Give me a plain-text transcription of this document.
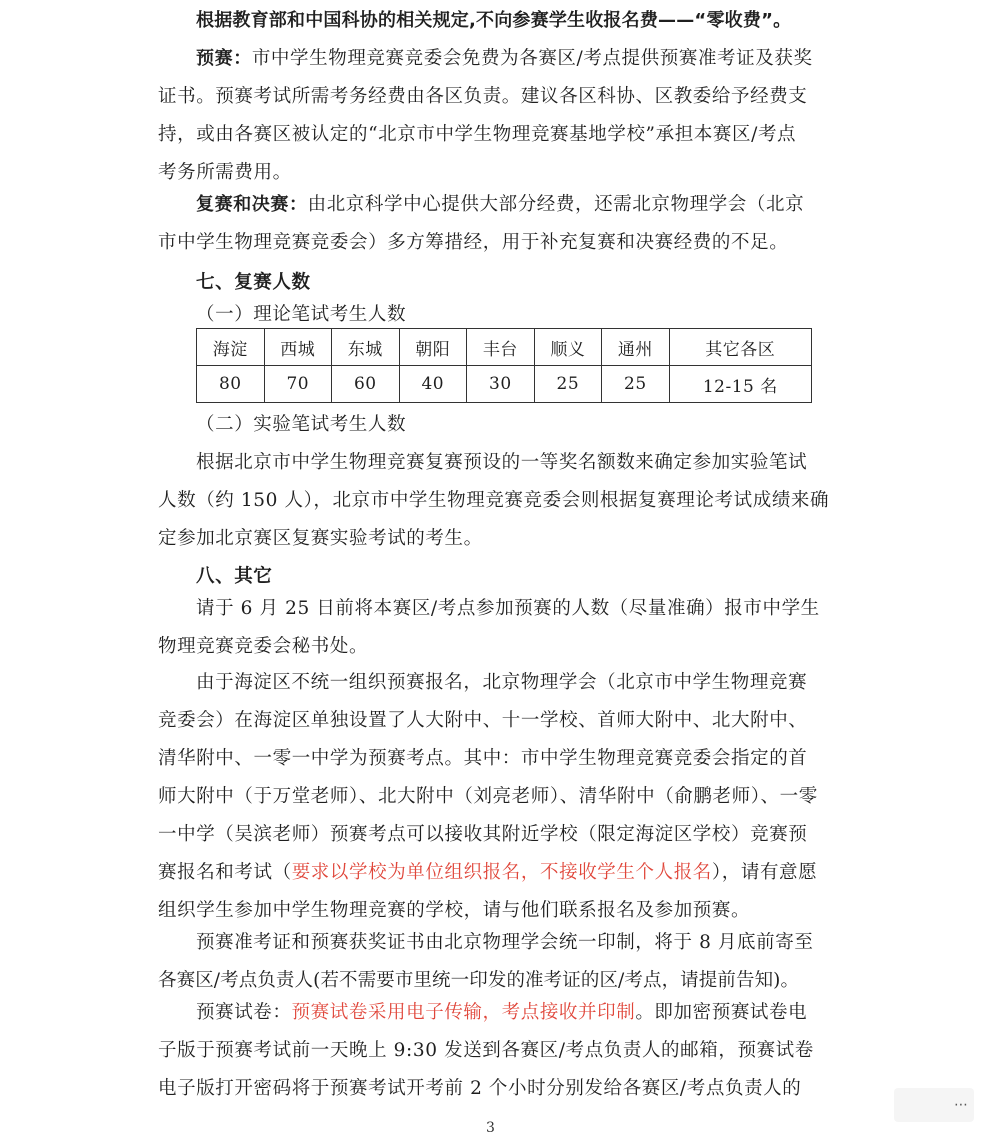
根据教育部和中国科协的相关规定,不向参赛学生收报名费——“零收费”。

预赛：市中学生物理竞赛竞委会免费为各赛区/考点提供预赛准考证及获奖
证书。预赛考试所需考务经费由各区负责。建议各区科协、区教委给予经费支
持，或由各赛区被认定的“北京市中学生物理竞赛基地学校”承担本赛区/考点
考务所需费用。

复赛和决赛：由北京科学中心提供大部分经费，还需北京物理学会（北京
市中学生物理竞赛竞委会）多方筹措经，用于补充复赛和决赛经费的不足。

七、复赛人数
（一）理论笔试考生人数
海淀	西城	东城	朝阳	丰台	顺义	通州	其它各区
80	70	60	40	30	25	25	12-15 名
（二）实验笔试考生人数

根据北京市中学生物理竞赛复赛预设的一等奖名额数来确定参加实验笔试
人数（约 150 人），北京市中学生物理竞赛竞委会则根据复赛理论考试成绩来确
定参加北京赛区复赛实验考试的考生。

八、其它

请于 6 月 25 日前将本赛区/考点参加预赛的人数（尽量准确）报市中学生
物理竞赛竞委会秘书处。

由于海淀区不统一组织预赛报名，北京物理学会（北京市中学生物理竞赛
竞委会）在海淀区单独设置了人大附中、十一学校、首师大附中、北大附中、
清华附中、一零一中学为预赛考点。其中：市中学生物理竞赛竞委会指定的首
师大附中（于万堂老师）、北大附中（刘亮老师）、清华附中（俞鹏老师）、一零
一中学（吴滨老师）预赛考点可以接收其附近学校（限定海淀区学校）竞赛预
赛报名和考试（要求以学校为单位组织报名，不接收学生个人报名），请有意愿
组织学生参加中学生物理竞赛的学校，请与他们联系报名及参加预赛。

预赛准考证和预赛获奖证书由北京物理学会统一印制，将于 8 月底前寄至
各赛区/考点负责人(若不需要市里统一印发的准考证的区/考点，请提前告知)。

预赛试卷：预赛试卷采用电子传输，考点接收并印制。即加密预赛试卷电
子版于预赛考试前一天晚上 9:30 发送到各赛区/考点负责人的邮箱，预赛试卷
电子版打开密码将于预赛考试开考前 2 个小时分别发给各赛区/考点负责人的

3
⋯
